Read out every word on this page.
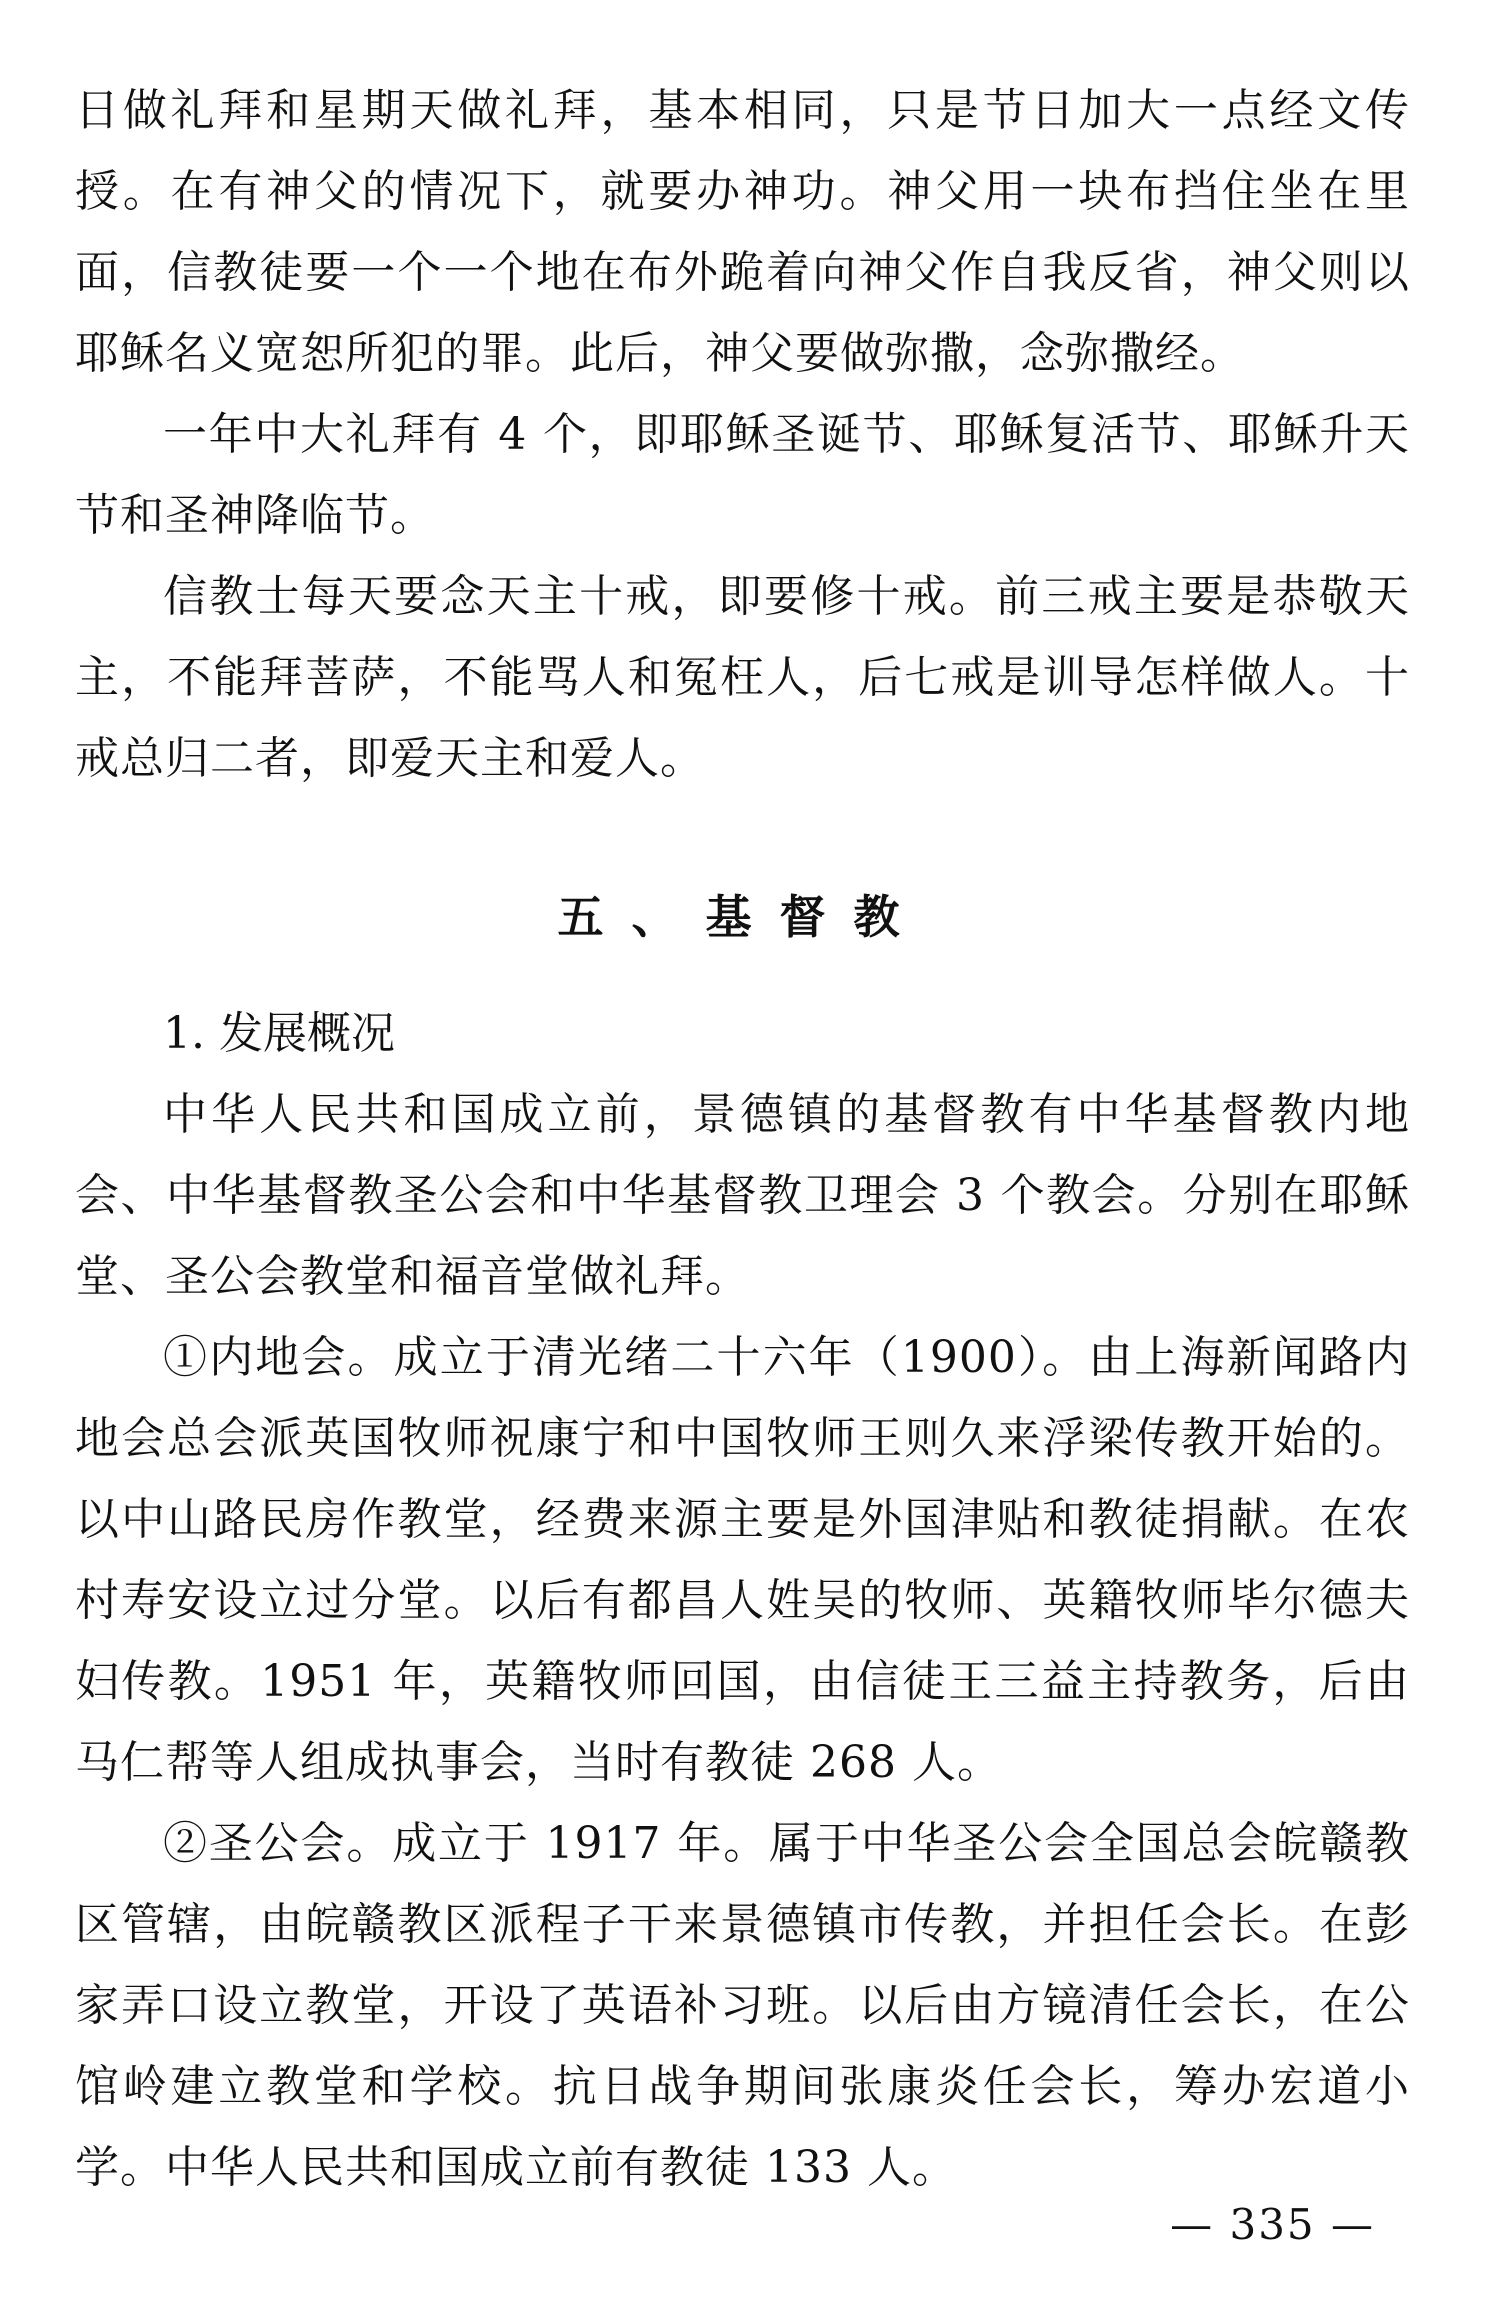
日做礼拜和星期天做礼拜，基本相同，只是节日加大一点经文传授。在有神父的情况下，就要办神功。神父用一块布挡住坐在里面，信教徒要一个一个地在布外跪着向神父作自我反省，神父则以耶稣名义宽恕所犯的罪。此后，神父要做弥撒，念弥撒经。

一年中大礼拜有 4 个，即耶稣圣诞节、耶稣复活节、耶稣升天节和圣神降临节。

信教士每天要念天主十戒，即要修十戒。前三戒主要是恭敬天主，不能拜菩萨，不能骂人和冤枉人，后七戒是训导怎样做人。十戒总归二者，即爱天主和爱人。

五、基督教

1. 发展概况

中华人民共和国成立前，景德镇的基督教有中华基督教内地会、中华基督教圣公会和中华基督教卫理会 3 个教会。分别在耶稣堂、圣公会教堂和福音堂做礼拜。

①内地会。成立于清光绪二十六年（1900）。由上海新闻路内地会总会派英国牧师祝康宁和中国牧师王则久来浮梁传教开始的。以中山路民房作教堂，经费来源主要是外国津贴和教徒捐献。在农村寿安设立过分堂。以后有都昌人姓吴的牧师、英籍牧师毕尔德夫妇传教。1951 年，英籍牧师回国，由信徒王三益主持教务，后由马仁帮等人组成执事会，当时有教徒 268 人。

②圣公会。成立于 1917 年。属于中华圣公会全国总会皖赣教区管辖，由皖赣教区派程子干来景德镇市传教，并担任会长。在彭家弄口设立教堂，开设了英语补习班。以后由方镜清任会长，在公馆岭建立教堂和学校。抗日战争期间张康炎任会长，筹办宏道小学。中华人民共和国成立前有教徒 133 人。

— 335 —
